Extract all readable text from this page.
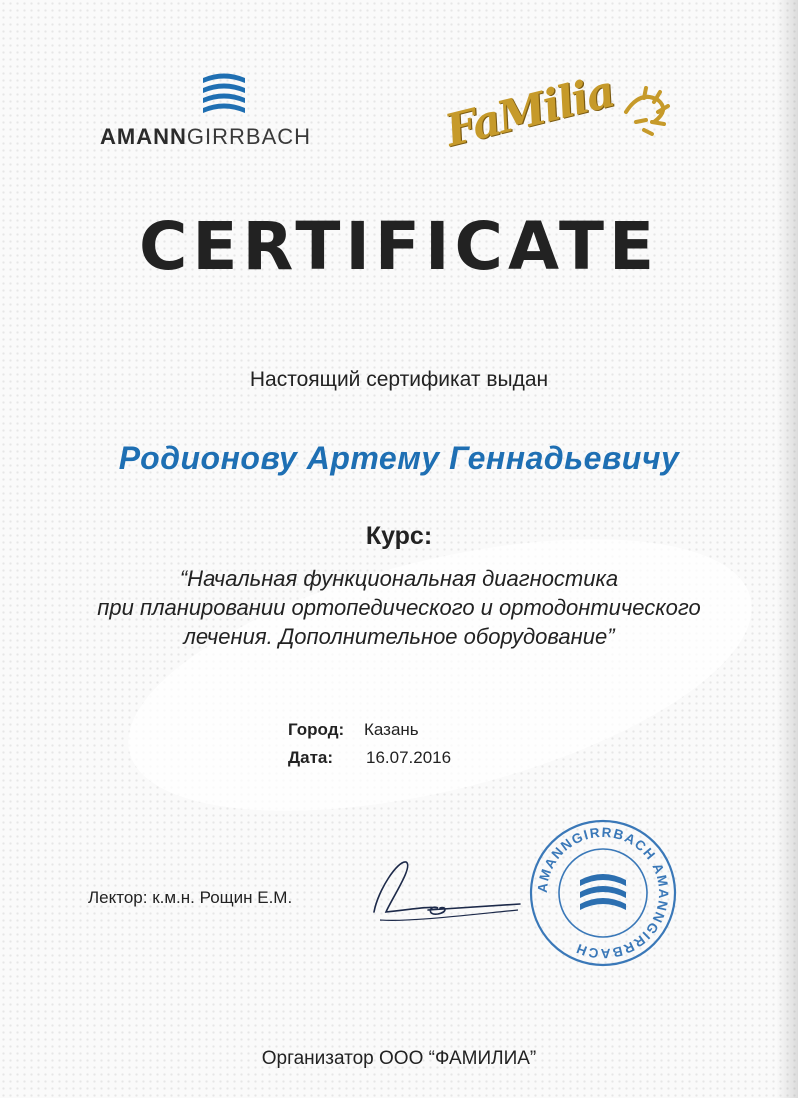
AMANNGIRRBACH	FaMilia
CERTIFICATE
Настоящий сертификат выдан
Родионову Артему Геннадьевичу
Курс:
“Начальная функциональная диагностика
при планировании ортопедического и ортодонтического
лечения. Дополнительное оборудование”
Город: Казань
Дата: 16.07.2016
Лектор: к.м.н. Рощин Е.М.
AMANNGIRRBACH AMANNGIRRBACH
Организатор ООО “ФАМИЛИА”
